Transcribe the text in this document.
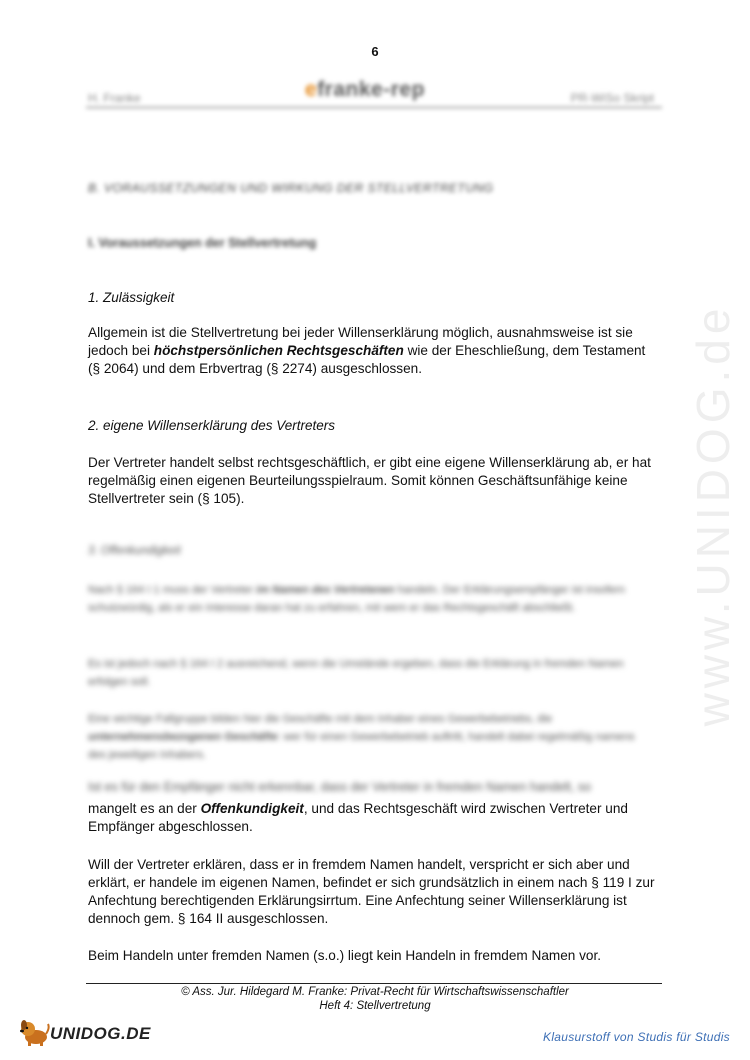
6
H. Franke	efranke-rep	PR-WiSo Skript
B. VORAUSSETZUNGEN UND WIRKUNG DER STELLVERTRETUNG
I. Voraussetzungen der Stellvertretung
1. Zulässigkeit
Allgemein ist die Stellvertretung bei jeder Willenserklärung möglich, ausnahmsweise ist sie jedoch bei höchstpersönlichen Rechtsgeschäften wie der Eheschließung, dem Testament (§ 2064) und dem Erbvertrag (§ 2274) ausgeschlossen.
2. eigene Willenserklärung des Vertreters
Der Vertreter handelt selbst rechtsgeschäftlich, er gibt eine eigene Willenserklärung ab, er hat regelmäßig einen eigenen Beurteilungsspielraum. Somit können Geschäftsunfähige keine Stellvertreter sein (§ 105).
3. Offenkundigkeit
Nach § 164 I 1 muss der Vertreter im Namen des Vertretenen handeln. Der Erklärungsempfänger ist insofern schutzwürdig, als er ein Interesse daran hat zu erfahren, mit wem er das Rechtsgeschäft abschließt.
Es ist jedoch nach § 164 I 2 ausreichend, wenn die Umstände ergeben, dass die Erklärung in fremden Namen erfolgen soll.
Eine wichtige Fallgruppe bilden hier die Geschäfte mit dem Inhaber eines Gewerbebetriebs, die unternehmensbezogenen Geschäfte: wer für einen Gewerbebetrieb auftritt, handelt dabei regelmäßig namens des jeweiligen Inhabers.
Ist es für den Empfänger nicht erkennbar, dass der Vertreter in fremden Namen handelt, so
mangelt es an der Offenkundigkeit, und das Rechtsgeschäft wird zwischen Vertreter und Empfänger abgeschlossen.
Will der Vertreter erklären, dass er in fremdem Namen handelt, verspricht er sich aber und erklärt, er handele im eigenen Namen, befindet er sich grundsätzlich in einem nach § 119 I zur Anfechtung berechtigenden Erklärungsirrtum. Eine Anfechtung seiner Willenserklärung ist dennoch gem. § 164 II ausgeschlossen.
Beim Handeln unter fremden Namen (s.o.) liegt kein Handeln in fremdem Namen vor.
© Ass. Jur. Hildegard M. Franke: Privat-Recht für Wirtschaftswissenschaftler
Heft 4: Stellvertretung
UNIDOG.DE	Klausurstoff von Studis für Studis
www.UNIDOG.de
